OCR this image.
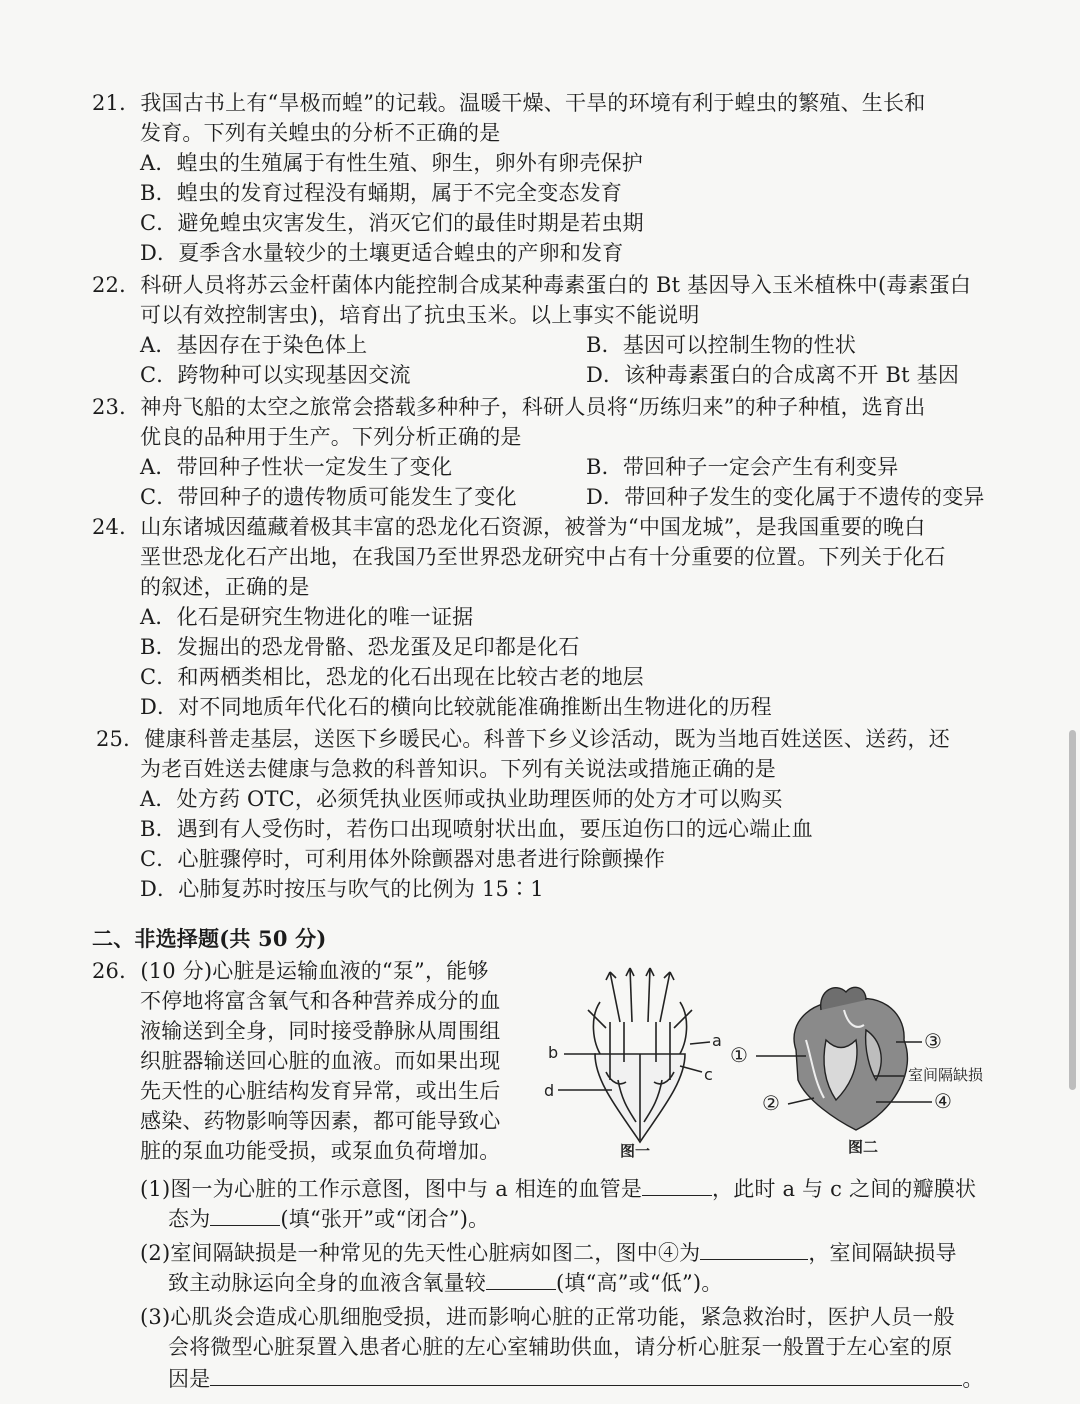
21．我国古书上有“旱极而蝗”的记载。温暖干燥、干旱的环境有利于蝗虫的繁殖、生长和
发育。下列有关蝗虫的分析不正确的是
A．蝗虫的生殖属于有性生殖、卵生，卵外有卵壳保护
B．蝗虫的发育过程没有蛹期，属于不完全变态发育
C．避免蝗虫灾害发生，消灭它们的最佳时期是若虫期
D．夏季含水量较少的土壤更适合蝗虫的产卵和发育
22．科研人员将苏云金杆菌体内能控制合成某种毒素蛋白的 Bt 基因导入玉米植株中(毒素蛋白
可以有效控制害虫)，培育出了抗虫玉米。以上事实不能说明
A．基因存在于染色体上	B．基因可以控制生物的性状
C．跨物种可以实现基因交流	D．该种毒素蛋白的合成离不开 Bt 基因
23．神舟飞船的太空之旅常会搭载多种种子，科研人员将“历练归来”的种子种植，选育出
优良的品种用于生产。下列分析正确的是
A．带回种子性状一定发生了变化	B．带回种子一定会产生有利变异
C．带回种子的遗传物质可能发生了变化	D．带回种子发生的变化属于不遗传的变异
24．山东诸城因蕴藏着极其丰富的恐龙化石资源，被誉为“中国龙城”，是我国重要的晚白
垩世恐龙化石产出地，在我国乃至世界恐龙研究中占有十分重要的位置。下列关于化石
的叙述，正确的是
A．化石是研究生物进化的唯一证据
B．发掘出的恐龙骨骼、恐龙蛋及足印都是化石
C．和两栖类相比，恐龙的化石出现在比较古老的地层
D．对不同地质年代化石的横向比较就能准确推断出生物进化的历程
25．健康科普走基层，送医下乡暖民心。科普下乡义诊活动，既为当地百姓送医、送药，还
为老百姓送去健康与急救的科普知识。下列有关说法或措施正确的是
A．处方药 OTC，必须凭执业医师或执业助理医师的处方才可以购买
B．遇到有人受伤时，若伤口出现喷射状出血，要压迫伤口的远心端止血
C．心脏骤停时，可利用体外除颤器对患者进行除颤操作
D．心肺复苏时按压与吹气的比例为 15∶1
二、非选择题(共 50 分)
26．(10 分)心脏是运输血液的“泵”，能够
不停地将富含氧气和各种营养成分的血
液输送到全身，同时接受静脉从周围组
织脏器输送回心脏的血液。而如果出现
先天性的心脏结构发育异常，或出生后
感染、药物影响等因素，都可能导致心
脏的泵血功能受损，或泵血负荷增加。
(1)图一为心脏的工作示意图，图中与 a 相连的血管是	，此时 a 与 c 之间的瓣膜状
态为	(填“张开”或“闭合”)。
(2)室间隔缺损是一种常见的先天性心脏病如图二，图中④为	，室间隔缺损导
致主动脉运向全身的血液含氧量较	(填“高”或“低”)。
(3)心肌炎会造成心肌细胞受损，进而影响心脏的正常功能，紧急救治时，医护人员一般
会将微型心脏泵置入患者心脏的左心室辅助供血，请分析心脏泵一般置于左心室的原
因是	。
b
d
a
c
图一
①
②
③
④
室间隔缺损
图二
